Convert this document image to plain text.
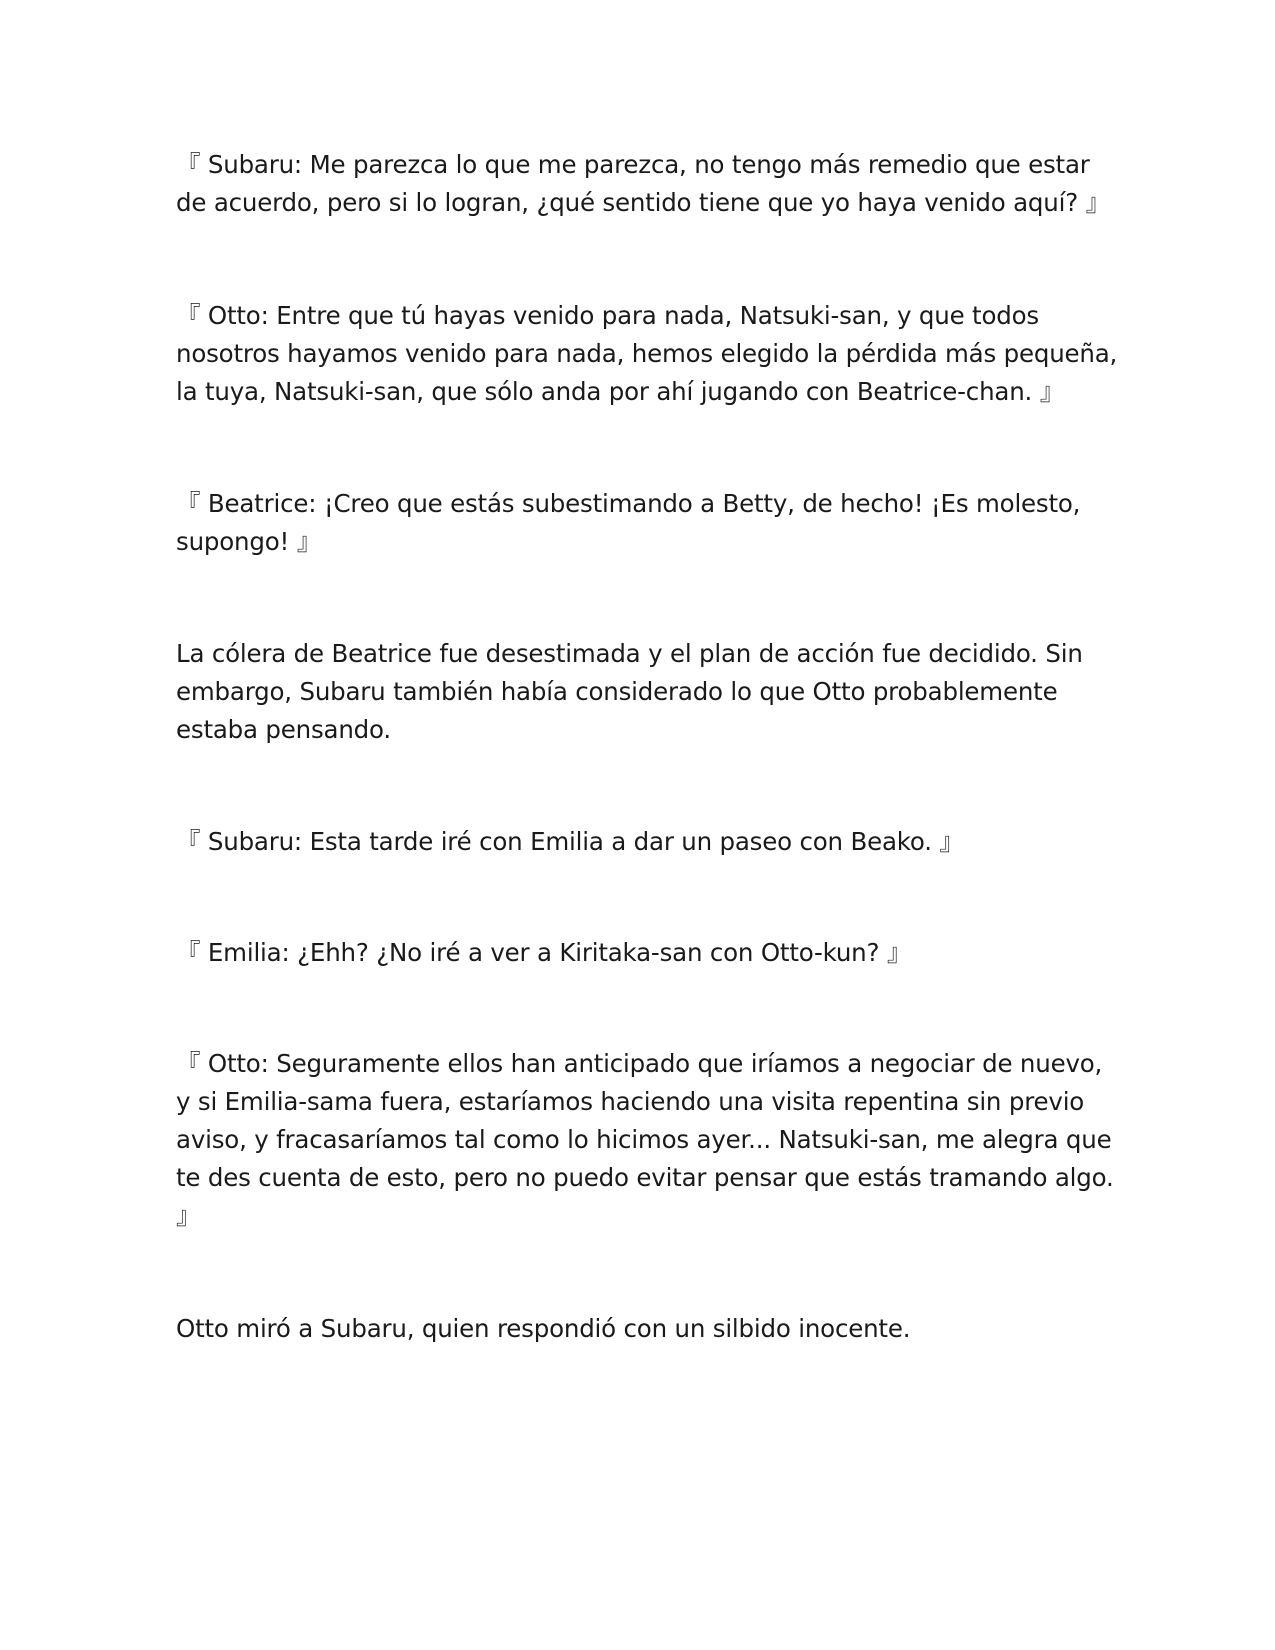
『 Subaru: Me parezca lo que me parezca, no tengo más remedio que estar
de acuerdo, pero si lo logran, ¿qué sentido tiene que yo haya venido aquí? 』

『 Otto: Entre que tú hayas venido para nada, Natsuki-san, y que todos
nosotros hayamos venido para nada, hemos elegido la pérdida más pequeña,
la tuya, Natsuki-san, que sólo anda por ahí jugando con Beatrice-chan. 』

『 Beatrice: ¡Creo que estás subestimando a Betty, de hecho! ¡Es molesto,
supongo! 』

La cólera de Beatrice fue desestimada y el plan de acción fue decidido. Sin
embargo, Subaru también había considerado lo que Otto probablemente
estaba pensando.

『 Subaru: Esta tarde iré con Emilia a dar un paseo con Beako. 』

『 Emilia: ¿Ehh? ¿No iré a ver a Kiritaka-san con Otto-kun? 』

『 Otto: Seguramente ellos han anticipado que iríamos a negociar de nuevo,
y si Emilia-sama fuera, estaríamos haciendo una visita repentina sin previo
aviso, y fracasaríamos tal como lo hicimos ayer... Natsuki-san, me alegra que
te des cuenta de esto, pero no puedo evitar pensar que estás tramando algo.
』

Otto miró a Subaru, quien respondió con un silbido inocente.
